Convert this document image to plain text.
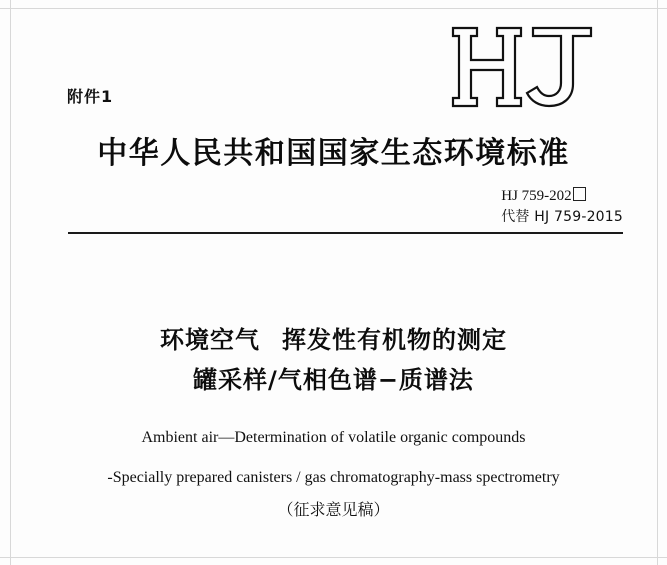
附件1
中华人民共和国国家生态环境标准
HJ 759-202
代替 HJ 759-2015
环境空气 挥发性有机物的测定
罐采样/气相色谱−质谱法
Ambient air—Determination of volatile organic compounds
-Specially prepared canisters / gas chromatography-mass spectrometry
（征求意见稿）
